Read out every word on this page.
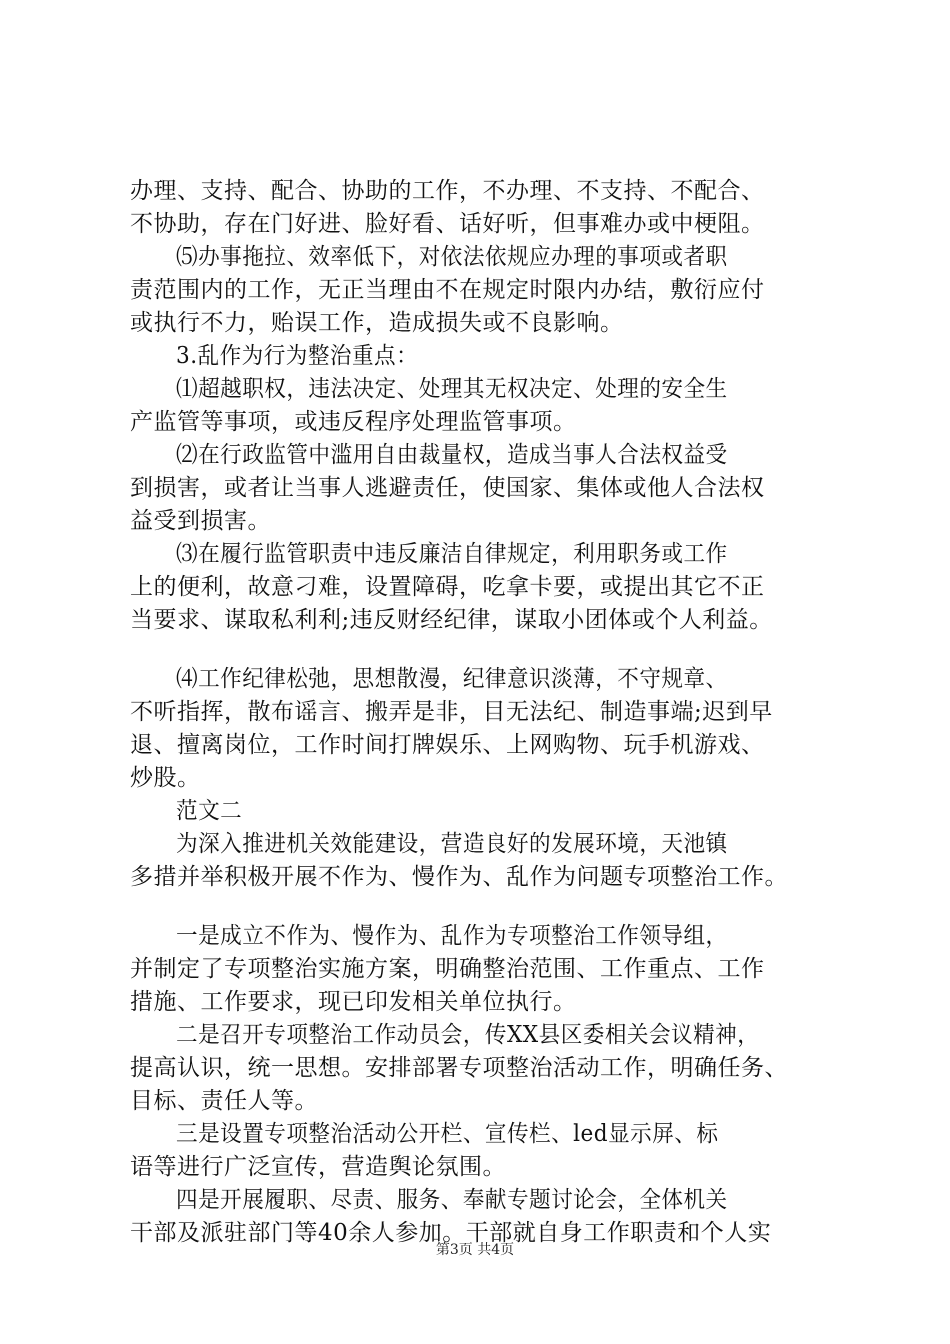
办理、支持、配合、协助的工作，不办理、不支持、不配合、
不协助，存在门好进、脸好看、话好听，但事难办或中梗阻。
⑸办事拖拉、效率低下，对依法依规应办理的事项或者职
责范围内的工作，无正当理由不在规定时限内办结，敷衍应付
或执行不力，贻误工作，造成损失或不良影响。
3.乱作为行为整治重点：
⑴超越职权，违法决定、处理其无权决定、处理的安全生
产监管等事项，或违反程序处理监管事项。
⑵在行政监管中滥用自由裁量权，造成当事人合法权益受
到损害，或者让当事人逃避责任，使国家、集体或他人合法权
益受到损害。
⑶在履行监管职责中违反廉洁自律规定，利用职务或工作
上的便利，故意刁难，设置障碍，吃拿卡要，或提出其它不正
当要求、谋取私利利;违反财经纪律，谋取小团体或个人利益。
⑷工作纪律松弛，思想散漫，纪律意识淡薄，不守规章、
不听指挥，散布谣言、搬弄是非，目无法纪、制造事端;迟到早
退、擅离岗位，工作时间打牌娱乐、上网购物、玩手机游戏、
炒股。
范文二
为深入推进机关效能建设，营造良好的发展环境，天池镇
多措并举积极开展不作为、慢作为、乱作为问题专项整治工作。
一是成立不作为、慢作为、乱作为专项整治工作领导组，
并制定了专项整治实施方案，明确整治范围、工作重点、工作
措施、工作要求，现已印发相关单位执行。
二是召开专项整治工作动员会，传XX县区委相关会议精神，
提高认识，统一思想。安排部署专项整治活动工作，明确任务、
目标、责任人等。
三是设置专项整治活动公开栏、宣传栏、led显示屏、标
语等进行广泛宣传，营造舆论氛围。
四是开展履职、尽责、服务、奉献专题讨论会，全体机关
干部及派驻部门等40余人参加。干部就自身工作职责和个人实
第3页 共4页
